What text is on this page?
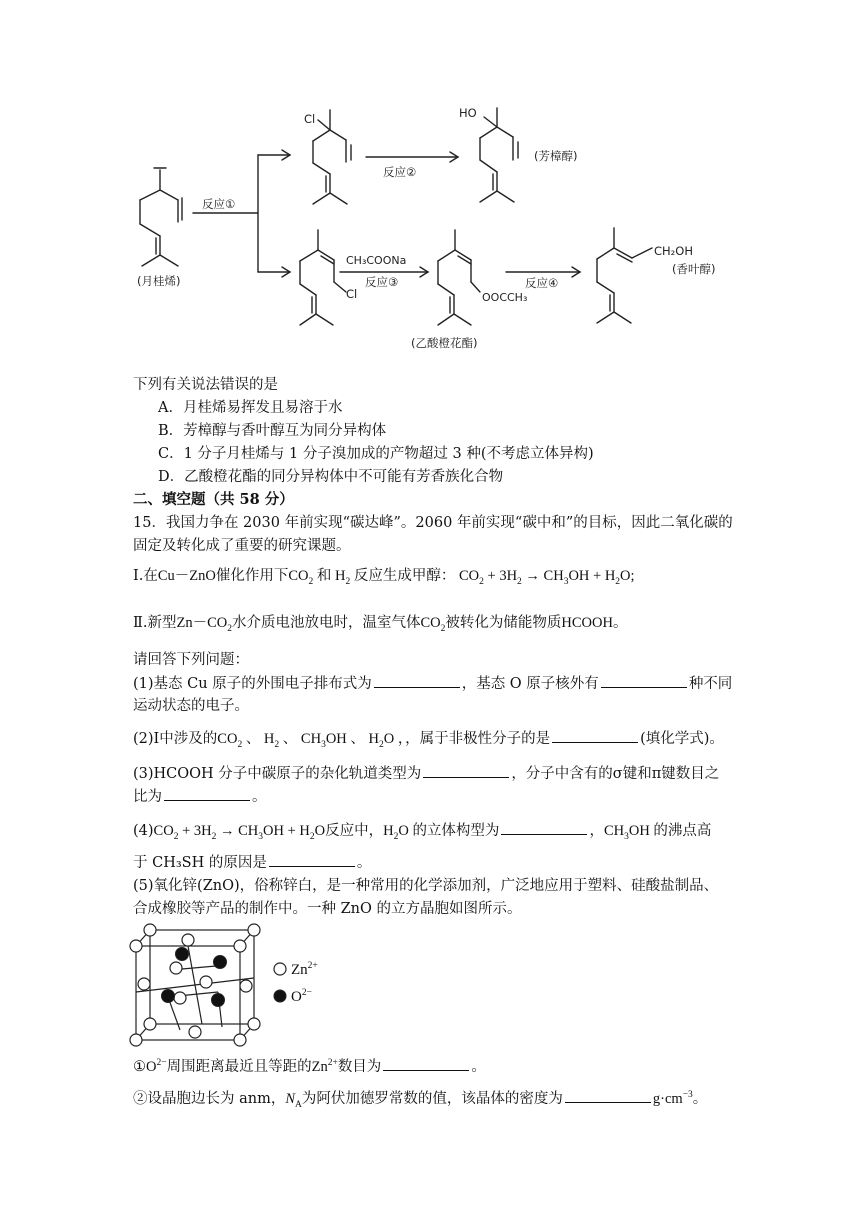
反应①
(月桂烯)
Cl
反应②
HO
(芳樟醇)
CH₃COONa
反应③
Cl	OOCCH₃
(乙酸橙花酯)
反应④
CH₂OH
(香叶醇)
下列有关说法错误的是
A．月桂烯易挥发且易溶于水
B．芳樟醇与香叶醇互为同分异构体
C．1 分子月桂烯与 1 分子溴加成的产物超过 3 种(不考虑立体异构)
D．乙酸橙花酯的同分异构体中不可能有芳香族化合物
二、填空题（共 58 分）
15．我国力争在 2030 年前实现“碳达峰”。2060 年前实现“碳中和”的目标，因此二氧化碳的
固定及转化成了重要的研究课题。
Ⅰ.在Cu－ZnO催化作用下$CO_2$ 和 $H_2$ 反应生成甲醇： $CO_2 + 3H_2 \to CH_3OH + H_2O$;
Ⅱ.新型$Zn-CO_2$水介质电池放电时，温室气体$CO_2$被转化为储能物质HCOOH。
请回答下列问题：
(1)基态 Cu 原子的外围电子排布式为	，基态 O 原子核外有	种不同
运动状态的电子。
(2)Ⅰ中涉及的$CO_2$ 、 $H_2$ 、 $CH_3OH$ 、 $H_2O$ ，，属于非极性分子的是	(填化学式)。
(3)HCOOH 分子中碳原子的杂化轨道类型为	，分子中含有的σ键和π键数目之
比为	。
$(4)CO_2 + 3H_2 \to CH_3OH + H_2O$反应中，$H_2O$ 的立体构型为	，$CH_3OH$ 的沸点高
于 CH₃SH 的原因是	。
(5)氧化锌(ZnO)，俗称锌白，是一种常用的化学添加剂，广泛地应用于塑料、硅酸盐制品、
合成橡胶等产品的制作中。一种 ZnO 的立方晶胞如图所示。
$Zn^{2+}$
$O^{2-}$
$①O^{2-}$周围距离最近且等距的$Zn^{2+}$数目为	。
②设晶胞边长为 anm，$N_A$为阿伏加德罗常数的值，该晶体的密度为	$g\cdot cm^{-3}$。
